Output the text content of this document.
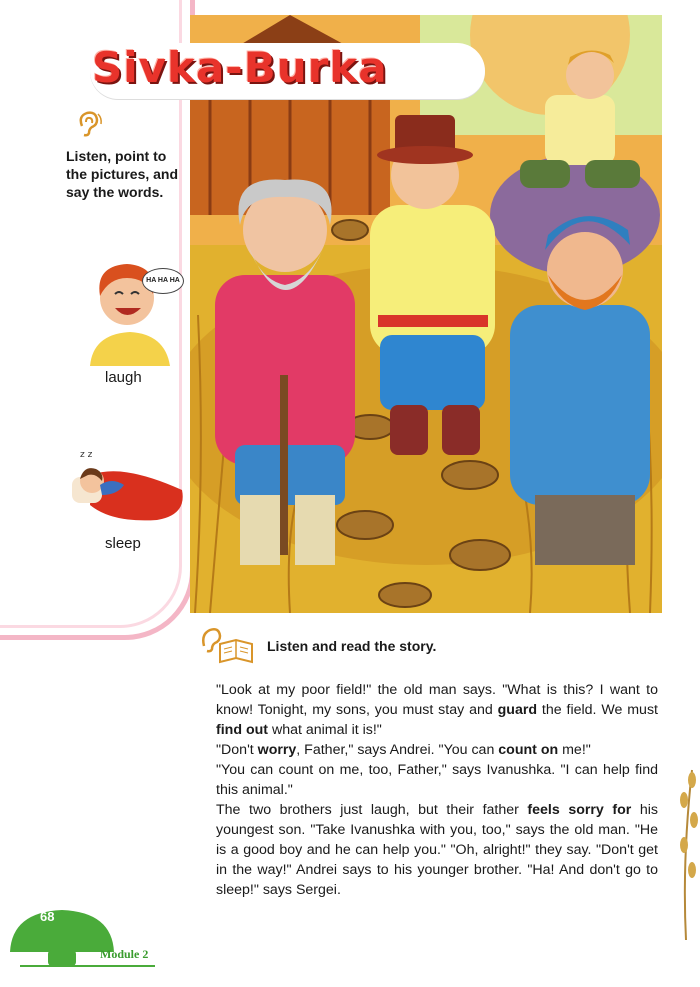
Sivka-Burka
Listen, point to the pictures, and say the words.
HA HA HA
laugh
z z
sleep
Listen and read the story.

"Look at my poor field!" the old man says. "What is this? I want to know! Tonight, my sons, you must stay and guard the field. We must find out what animal it is!"

"Don't worry, Father," says Andrei. "You can count on me!"

"You can count on me, too, Father," says Ivanushka. "I can help find this animal."

The two brothers just laugh, but their father feels sorry for his youngest son. "Take Ivanushka with you, too," says the old man. "He is a good boy and he can help you." "Oh, alright!" they say. "Don't get in the way!" Andrei says to his younger brother. "Ha! And don't go to sleep!" says Sergei.

68
Module 2
